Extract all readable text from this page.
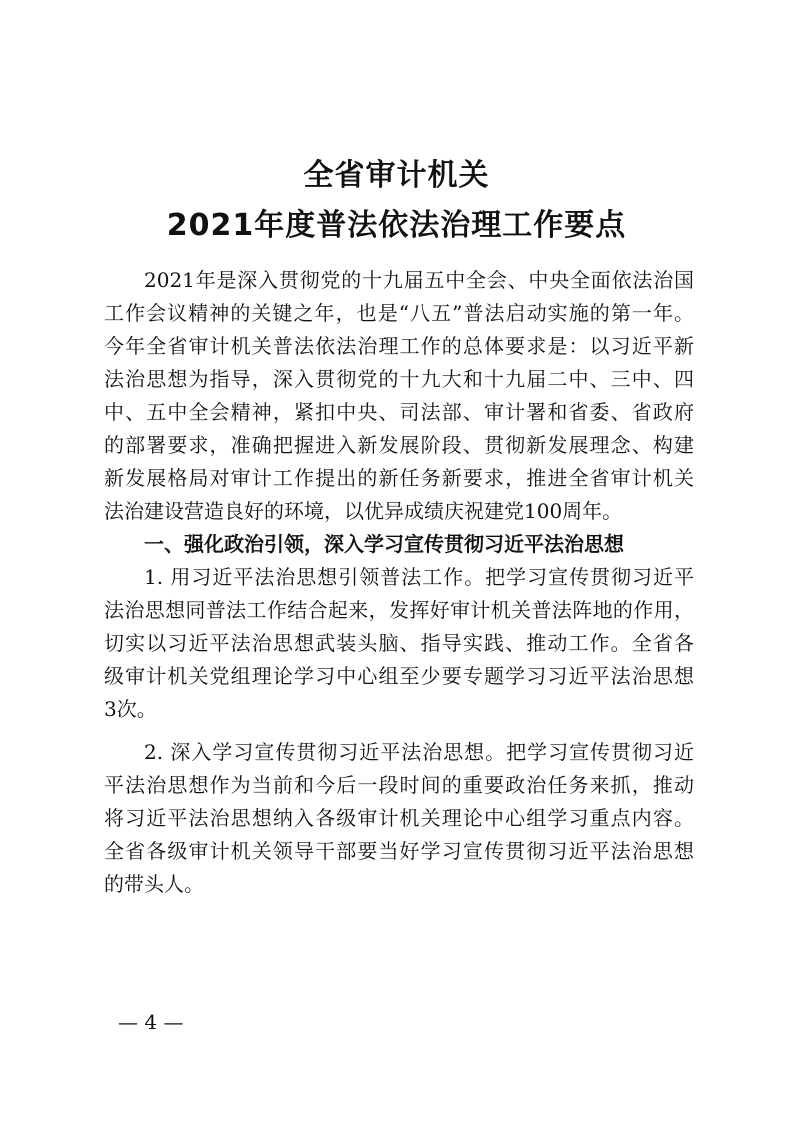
全省审计机关
2021年度普法依法治理工作要点
2021年是深入贯彻党的十九届五中全会、中央全面依法治国
工作会议精神的关键之年，也是“八五”普法启动实施的第一年。
今年全省审计机关普法依法治理工作的总体要求是：以习近平新
法治思想为指导，深入贯彻党的十九大和十九届二中、三中、四
中、五中全会精神，紧扣中央、司法部、审计署和省委、省政府
的部署要求，准确把握进入新发展阶段、贯彻新发展理念、构建
新发展格局对审计工作提出的新任务新要求，推进全省审计机关
法治建设营造良好的环境，以优异成绩庆祝建党100周年。
一、强化政治引领，深入学习宣传贯彻习近平法治思想
1. 用习近平法治思想引领普法工作。把学习宣传贯彻习近平
法治思想同普法工作结合起来，发挥好审计机关普法阵地的作用，
切实以习近平法治思想武装头脑、指导实践、推动工作。全省各
级审计机关党组理论学习中心组至少要专题学习习近平法治思想
3次。
2. 深入学习宣传贯彻习近平法治思想。把学习宣传贯彻习近
平法治思想作为当前和今后一段时间的重要政治任务来抓，推动
将习近平法治思想纳入各级审计机关理论中心组学习重点内容。
全省各级审计机关领导干部要当好学习宣传贯彻习近平法治思想
的带头人。
— 4 —
